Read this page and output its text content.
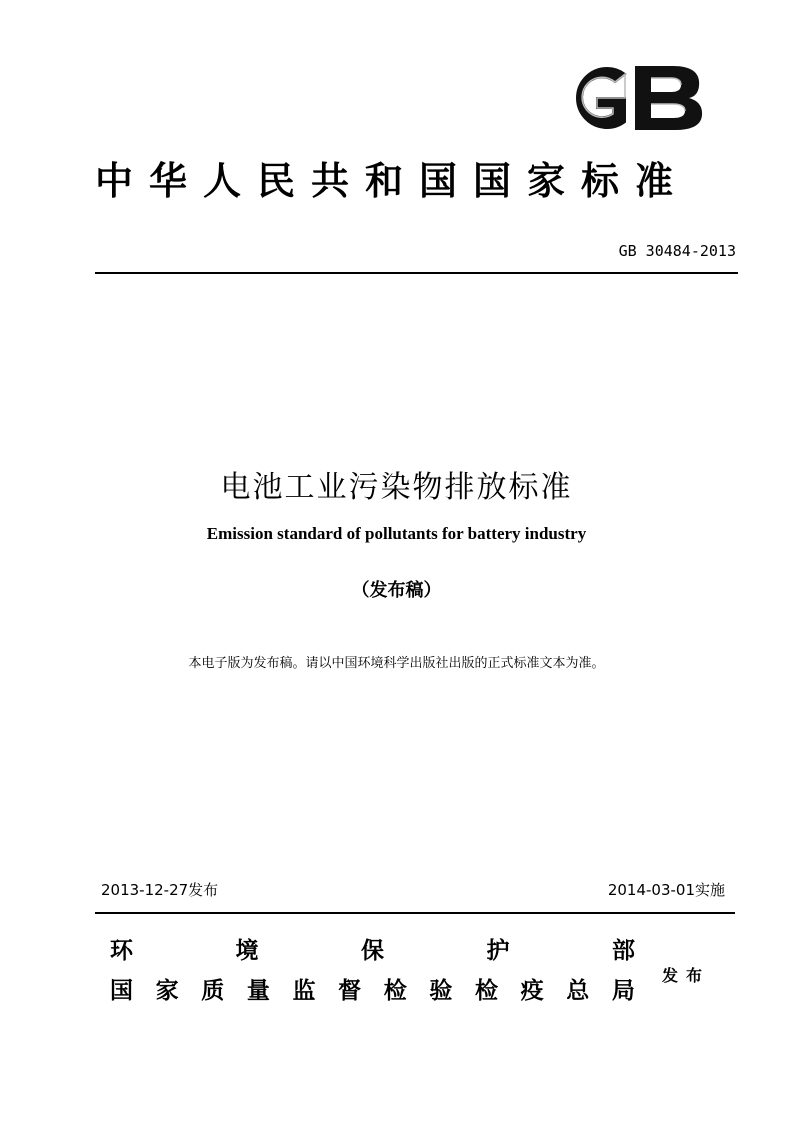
中华人民共和国国家标准
GB 30484-2013
电池工业污染物排放标准
Emission standard of pollutants for battery industry
（发布稿）
本电子版为发布稿。请以中国环境科学出版社出版的正式标准文本为准。
2013-12-27发布	2014-03-01实施
环	境	保	护	部
国 家 质 量 监 督 检 验 检 疫 总 局
发布
